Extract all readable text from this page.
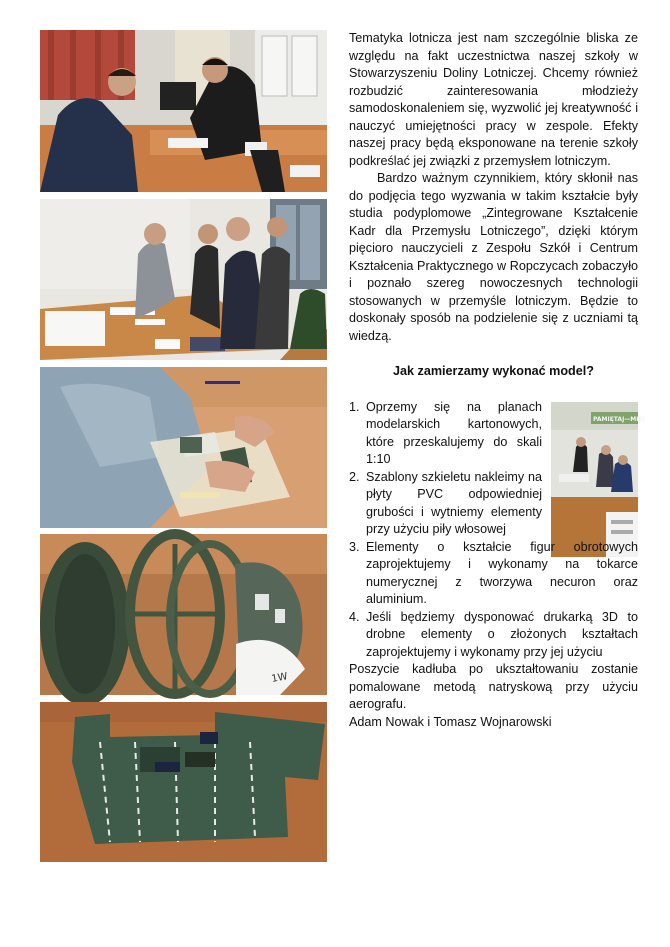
1W

Tematyka lotnicza jest nam szczególnie bliska ze względu na fakt uczestnictwa naszej szkoły w Stowarzyszeniu Doliny Lotniczej. Chcemy również rozbudzić zainteresowania młodzieży samodoskonaleniem się, wyzwolić jej kreatywność i nauczyć umiejętności pracy w zespole. Efekty naszej pracy będą eksponowane na terenie szkoły podkreślać jej związki z przemysłem lotniczym.

Bardzo ważnym czynnikiem, który skłonił nas do podjęcia tego wyzwania w takim kształcie były studia podyplomowe „Zintegrowane Kształcenie Kadr dla Przemysłu Lotniczego”, dzięki którym pięcioro nauczycieli z Zespołu Szkół i Centrum Kształcenia Praktycznego w Ropczycach zobaczyło i poznało szereg nowoczesnych technologii stosowanych w przemyśle lotniczym. Będzie to doskonały sposób na podzielenie się z uczniami tą wiedzą.

Jak zamierzamy wykonać model?
PAMIĘTAJ—MIEJ
1. Oprzemy się na planach modelarskich kartonowych, które przeskalujemy do skali 1:10
2. Szablony szkieletu nakleimy na płyty PVC odpowiedniej grubości i wytniemy elementy przy użyciu piły włosowej
3. Elementy o kształcie figur obrotowych zaprojektujemy i wykonamy na tokarce numerycznej z tworzywa necuron oraz aluminium.
4. Jeśli będziemy dysponować drukarką 3D to drobne elementy o złożonych kształtach zaprojektujemy i wykonamy przy jej użyciu

Poszycie kadłuba po ukształtowaniu zostanie pomalowane metodą natryskową przy użyciu aerografu.

Adam Nowak i Tomasz Wojnarowski
